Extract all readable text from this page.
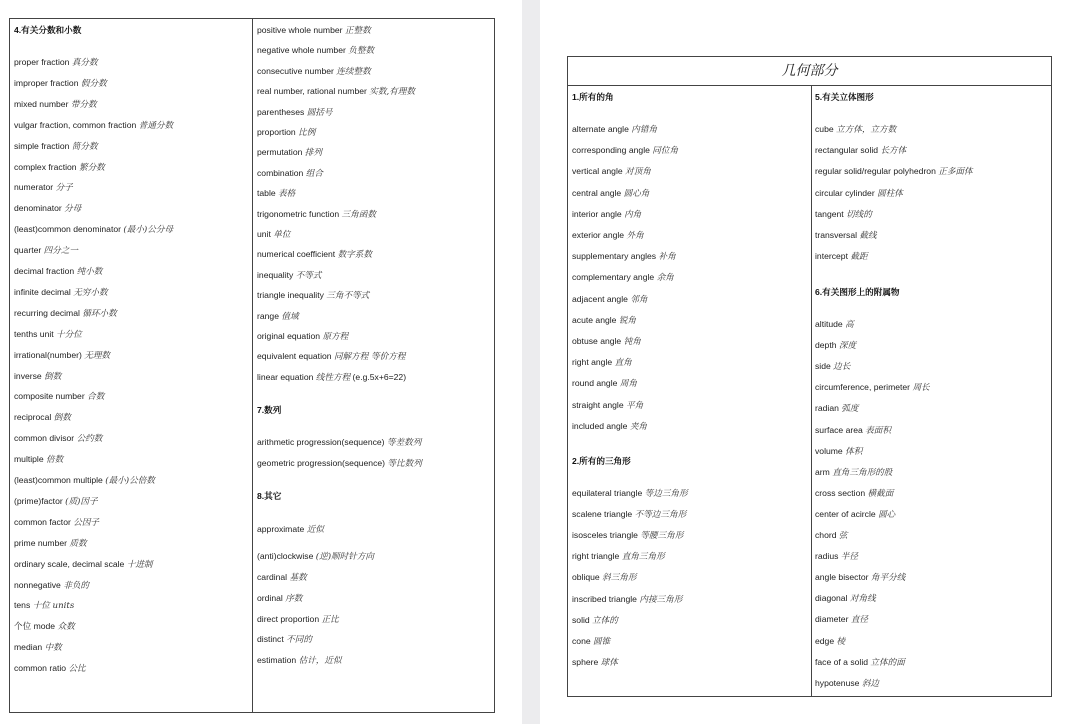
4.有关分数和小数
proper fraction 真分数
improper fraction 假分数
mixed number 带分数
vulgar fraction, common fraction 普通分数
simple fraction 简分数
complex fraction 繁分数
numerator 分子
denominator 分母
(least)common denominator (最小)公分母
quarter 四分之一
decimal fraction 纯小数
infinite decimal 无穷小数
recurring decimal 循环小数
tenths unit 十分位
irrational(number) 无理数
inverse 倒数
composite number 合数
reciprocal 倒数
common divisor 公约数
multiple 倍数
(least)common multiple (最小)公倍数
(prime)factor (质)因子
common factor 公因子
prime number 质数
ordinary scale, decimal scale 十进制
nonnegative 非负的
tens 十位 units
个位 mode 众数
median 中数
common ratio 公比
positive whole number 正整数
negative whole number 负整数
consecutive number 连续整数
real number, rational number 实数,有理数
parentheses 圆括号
proportion 比例
permutation 排列
combination 组合
table 表格
trigonometric function 三角函数
unit 单位
numerical coefficient 数字系数
inequality 不等式
triangle inequality 三角不等式
range 值域
original equation 原方程
equivalent equation 同解方程 等价方程
linear equation 线性方程 (e.g.5x+6=22)
7.数列
arithmetic progression(sequence) 等差数列
geometric progression(sequence) 等比数列
8.其它
approximate 近似
(anti)clockwise (逆)顺时针方向
cardinal 基数
ordinal 序数
direct proportion 正比
distinct 不同的
estimation 估计，近似
几何部分
1.所有的角
alternate angle 内错角
corresponding angle 同位角
vertical angle 对顶角
central angle 圆心角
interior angle 内角
exterior angle 外角
supplementary angles 补角
complementary angle 余角
adjacent angle 邻角
acute angle 锐角
obtuse angle 钝角
right angle 直角
round angle 周角
straight angle 平角
included angle 夹角
2.所有的三角形
equilateral triangle 等边三角形
scalene triangle 不等边三角形
isosceles triangle 等腰三角形
right triangle 直角三角形
oblique 斜三角形
inscribed triangle 内接三角形
solid 立体的
cone 圆锥
sphere 球体
5.有关立体图形
cube 立方体，立方数
rectangular solid 长方体
regular solid/regular polyhedron 正多面体
circular cylinder 圆柱体
tangent 切线的
transversal 截线
intercept 截距
6.有关图形上的附属物
altitude 高
depth 深度
side 边长
circumference, perimeter 周长
radian 弧度
surface area 表面积
volume 体积
arm 直角三角形的股
cross section 横截面
center of acircle 圆心
chord 弦
radius 半径
angle bisector 角平分线
diagonal 对角线
diameter 直径
edge 棱
face of a solid 立体的面
hypotenuse 斜边
